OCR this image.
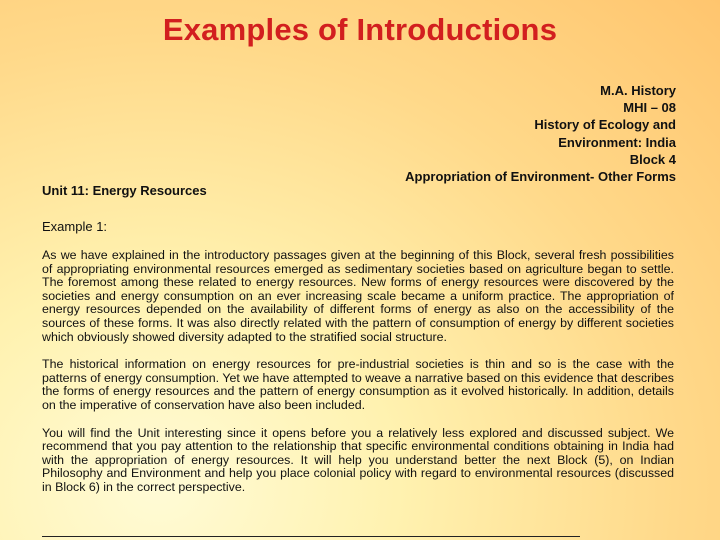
Examples of Introductions
M.A. History
MHI – 08
History of Ecology and
Environment: India
Block 4
Appropriation of Environment- Other Forms
Unit 11: Energy Resources
Example 1:

As we have explained in the introductory passages given at the beginning of this Block, several fresh possibilities of appropriating environmental resources emerged as sedimentary societies based on agriculture began to settle. The foremost among these related to energy resources. New forms of energy resources were discovered by the societies and energy consumption on an ever increasing scale became a uniform practice. The appropriation of energy resources depended on the availability of different forms of energy as also on the accessibility of the sources of these forms. It was also directly related with the pattern of consumption of energy by different societies which obviously showed diversity adapted to the stratified social structure.

The historical information on energy resources for pre-industrial societies is thin and so is the case with the patterns of energy consumption. Yet we have attempted to weave a narrative based on this evidence that describes the forms of energy resources and the pattern of energy consumption as it evolved historically. In addition, details on the imperative of conservation have also been included.

You will find the Unit interesting since it opens before you a relatively less explored and discussed subject. We recommend that you pay attention to the relationship that specific environmental conditions obtaining in India had with the appropriation of energy resources. It will help you understand better the next Block (5), on Indian Philosophy and Environment and help you place colonial policy with regard to environmental resources (discussed in Block 6) in the correct perspective.
